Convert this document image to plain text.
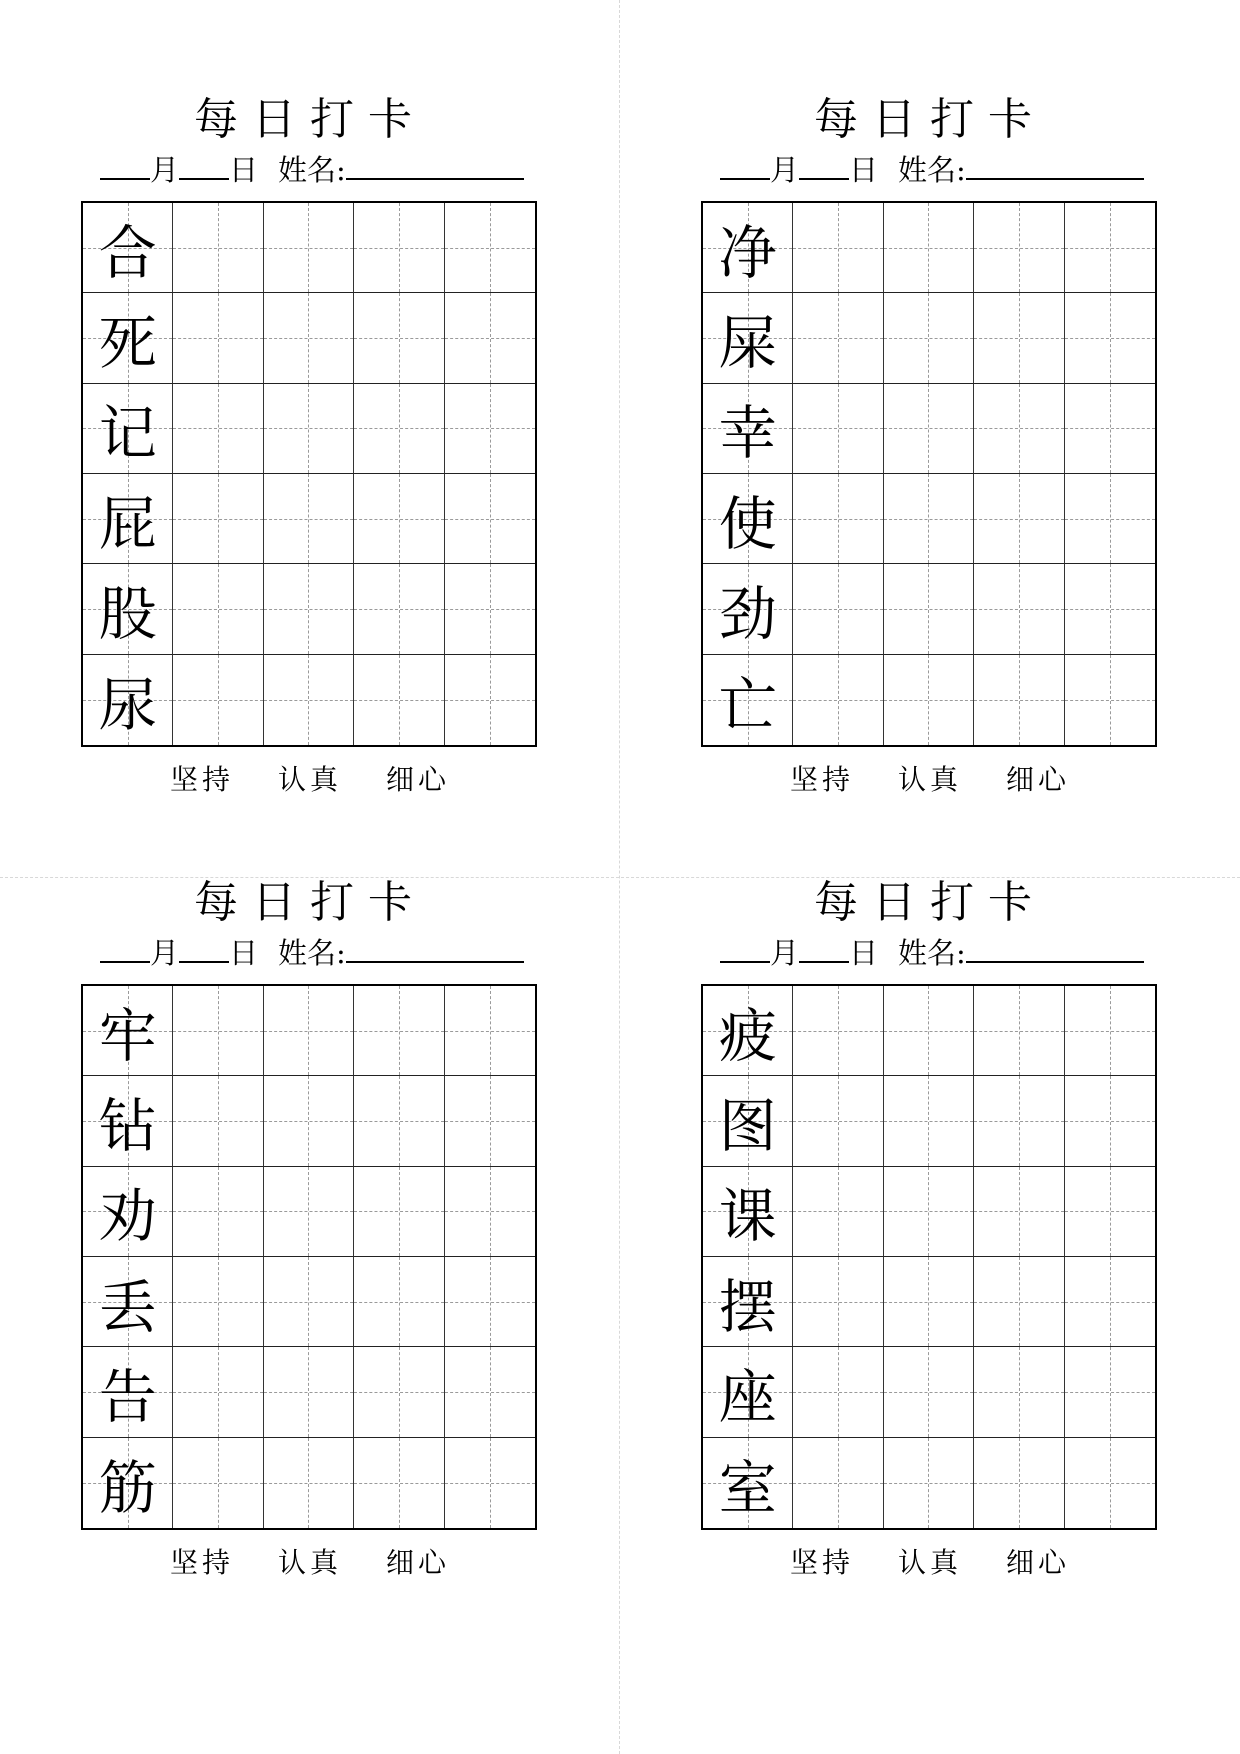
每日打卡
月 日 姓名:
合
死
记
屁
股
尿
坚持 认真 细心
每日打卡
月 日 姓名:
净
屎
幸
使
劲
亡
坚持 认真 细心
每日打卡
月 日 姓名:
牢
钻
劝
丢
告
筋
坚持 认真 细心
每日打卡
月 日 姓名:
疲
图
课
摆
座
室
坚持 认真 细心
